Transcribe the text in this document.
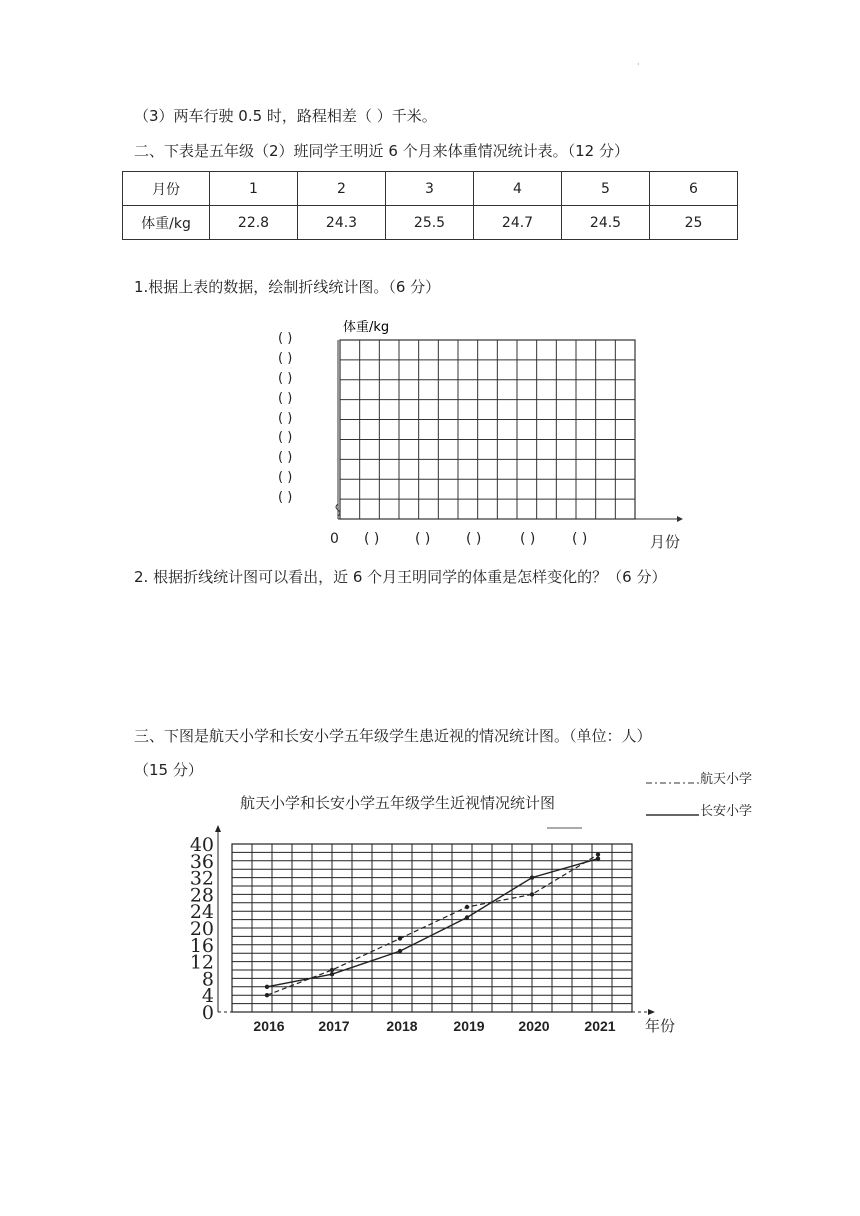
·
（3）两车行驶 0.5 时，路程相差（ ）千米。
二、下表是五年级（2）班同学王明近 6 个月来体重情况统计表。（12 分）
月份	1	2	3	4	5	6
体重/kg	22.8	24.3	25.5	24.7	24.5	25
1.根据上表的数据，绘制折线统计图。（6 分）
体重/kg
( )
( )
( )
( )
( )
( )
( )
( )
( )
0 ( )	( )	( )	( )	( )	月份
2. 根据折线统计图可以看出，近 6 个月王明同学的体重是怎样变化的？（6 分）
三、下图是航天小学和长安小学五年级学生患近视的情况统计图。（单位：人）
（15 分）
航天小学
长安小学
航天小学和长安小学五年级学生近视情况统计图
0
4
8
12
16
20
24
28
32
36
40
2016 2017	2018	2019 2020 2021 年份
